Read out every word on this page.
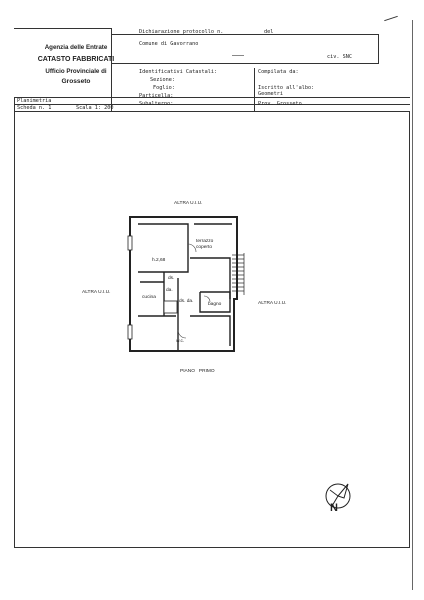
Agenzia delle Entrate
CATASTO FABBRICATI
Ufficio Provinciale di
Grosseto
Dichiarazione protocollo n.	del
Comune di Gavorrano
civ. SNC
Identificativi Catastali:
Sezione:
Foglio:
Particella:
Subalterno:
Compilata da:
Iscritto all'albo:
Geometri
Prov. Grosseto
Planimetria
Scheda n. 1	Scala 1: 200
ALTRA U.I.U.
ALTRA U.I.U.
ALTRA U.I.U.
h.2,68
terrazzo
coperto
cucina
ds.
ds. da.
da.
bagno
w.c.
PIANO   PRIMO
N
